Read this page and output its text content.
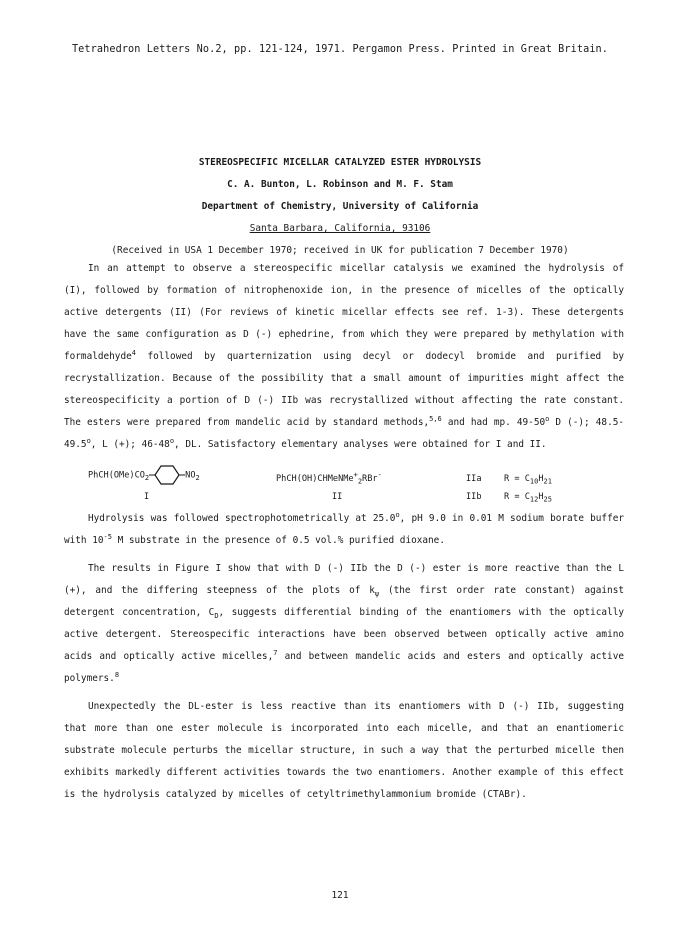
Tetrahedron Letters No.2, pp. 121-124, 1971. Pergamon Press. Printed in Great Britain.
STEREOSPECIFIC MICELLAR CATALYZED ESTER HYDROLYSIS
C. A. Bunton, L. Robinson and M. F. Stam
Department of Chemistry, University of California
Santa Barbara, California, 93106
(Received in USA 1 December 1970; received in UK for publication 7 December 1970)

In an attempt to observe a stereospecific micellar catalysis we examined the hydrolysis of (I), followed by formation of nitrophenoxide ion, in the presence of micelles of the optically active detergents (II) (For reviews of kinetic micellar effects see ref. 1-3). These detergents have the same configuration as D (-) ephedrine, from which they were prepared by methylation with formaldehyde$^4$ followed by quarternization using decyl or dodecyl bromide and purified by recrystallization. Because of the possibility that a small amount of impurities might affect the stereospecificity a portion of D (-) IIb was recrystallized without affecting the rate constant. The esters were prepared from mandelic acid by standard methods,$^{5,6}$ and had mp. 49-50$^o$ D (-); 48.5-49.5$^o$, L (+); 46-48$^o$, DL. Satisfactory elementary analyses were obtained for I and II.

$PhCH(OMe)CO_2$	$NO_2$
I
PhCH(OH)CHMeNMe+$_2$RBr-
II
IIa	$R = C_{10}H_{21}$
IIb	$R = C_{12}H_{25}$

Hydrolysis was followed spectrophotometrically at 25.0$^o$, pH 9.0 in 0.01 M sodium borate buffer with $10^{-5}$ M substrate in the presence of 0.5 vol.% purified dioxane.

The results in Figure I show that with D (-) IIb the D (-) ester is more reactive than the L (+), and the differing steepness of the plots of $k_\psi$ (the first order rate constant) against detergent concentration, $C_D$, suggests differential binding of the enantiomers with the optically active detergent. Stereospecific interactions have been observed between optically active amino acids and optically active micelles,$^7$ and between mandelic acids and esters and optically active polymers.$^8$

Unexpectedly the DL-ester is less reactive than its enantiomers with D (-) IIb, suggesting that more than one ester molecule is incorporated into each micelle, and that an enantiomeric substrate molecule perturbs the micellar structure, in such a way that the perturbed micelle then exhibits markedly different activities towards the two enantiomers. Another example of this effect is the hydrolysis catalyzed by micelles of cetyltrimethylammonium bromide (CTABr).

121
